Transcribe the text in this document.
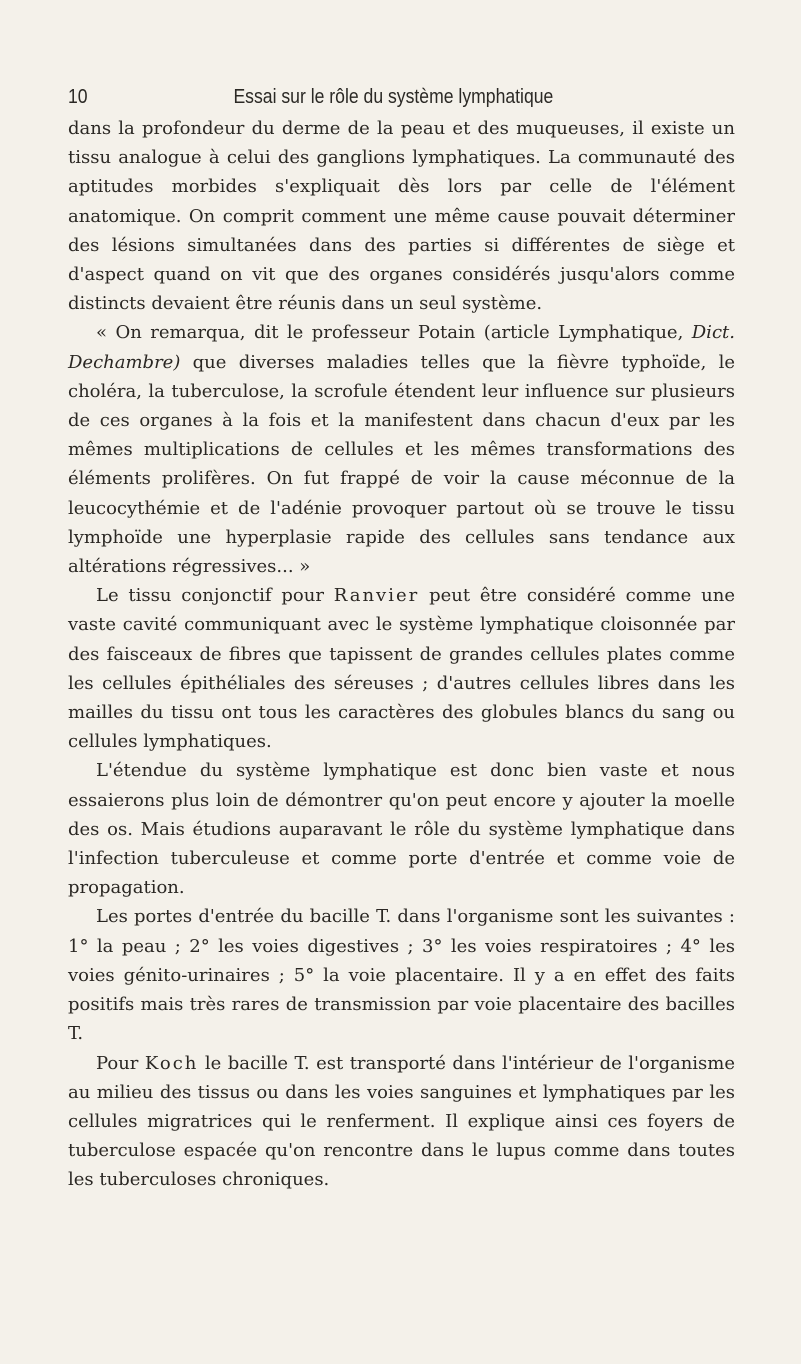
10	Essai sur le rôle du système lymphatique

dans la profondeur du derme de la peau et des muqueuses, il existe un tissu analogue à celui des ganglions lymphatiques. La communauté des aptitudes morbides s'expliquait dès lors par celle de l'élément anatomique. On comprit comment une même cause pouvait déterminer des lésions simultanées dans des parties si différentes de siège et d'aspect quand on vit que des organes considérés jusqu'alors comme distincts devaient être réunis dans un seul système.

« On remarqua, dit le professeur Potain (article Lymphatique, Dict. Dechambre) que diverses maladies telles que la fièvre typhoïde, le choléra, la tuberculose, la scrofule étendent leur influence sur plusieurs de ces organes à la fois et la manifestent dans chacun d'eux par les mêmes multiplications de cellules et les mêmes transformations des éléments prolifères. On fut frappé de voir la cause méconnue de la leucocythémie et de l'adénie provoquer partout où se trouve le tissu lymphoïde une hyperplasie rapide des cellules sans tendance aux altérations régressives... »

Le tissu conjonctif pour Ranvier peut être considéré comme une vaste cavité communiquant avec le système lymphatique cloisonnée par des faisceaux de fibres que tapissent de grandes cellules plates comme les cellules épithéliales des séreuses ; d'autres cellules libres dans les mailles du tissu ont tous les caractères des globules blancs du sang ou cellules lymphatiques.

L'étendue du système lymphatique est donc bien vaste et nous essaierons plus loin de démontrer qu'on peut encore y ajouter la moelle des os. Mais étudions auparavant le rôle du système lymphatique dans l'infection tuberculeuse et comme porte d'entrée et comme voie de propagation.

Les portes d'entrée du bacille T. dans l'organisme sont les suivantes : 1° la peau ; 2° les voies digestives ; 3° les voies respiratoires ; 4° les voies génito-urinaires ; 5° la voie placentaire. Il y a en effet des faits positifs mais très rares de transmission par voie placentaire des bacilles T.

Pour Koch le bacille T. est transporté dans l'intérieur de l'organisme au milieu des tissus ou dans les voies sanguines et lymphatiques par les cellules migratrices qui le renferment. Il explique ainsi ces foyers de tuberculose espacée qu'on rencontre dans le lupus comme dans toutes les tuberculoses chroniques.
